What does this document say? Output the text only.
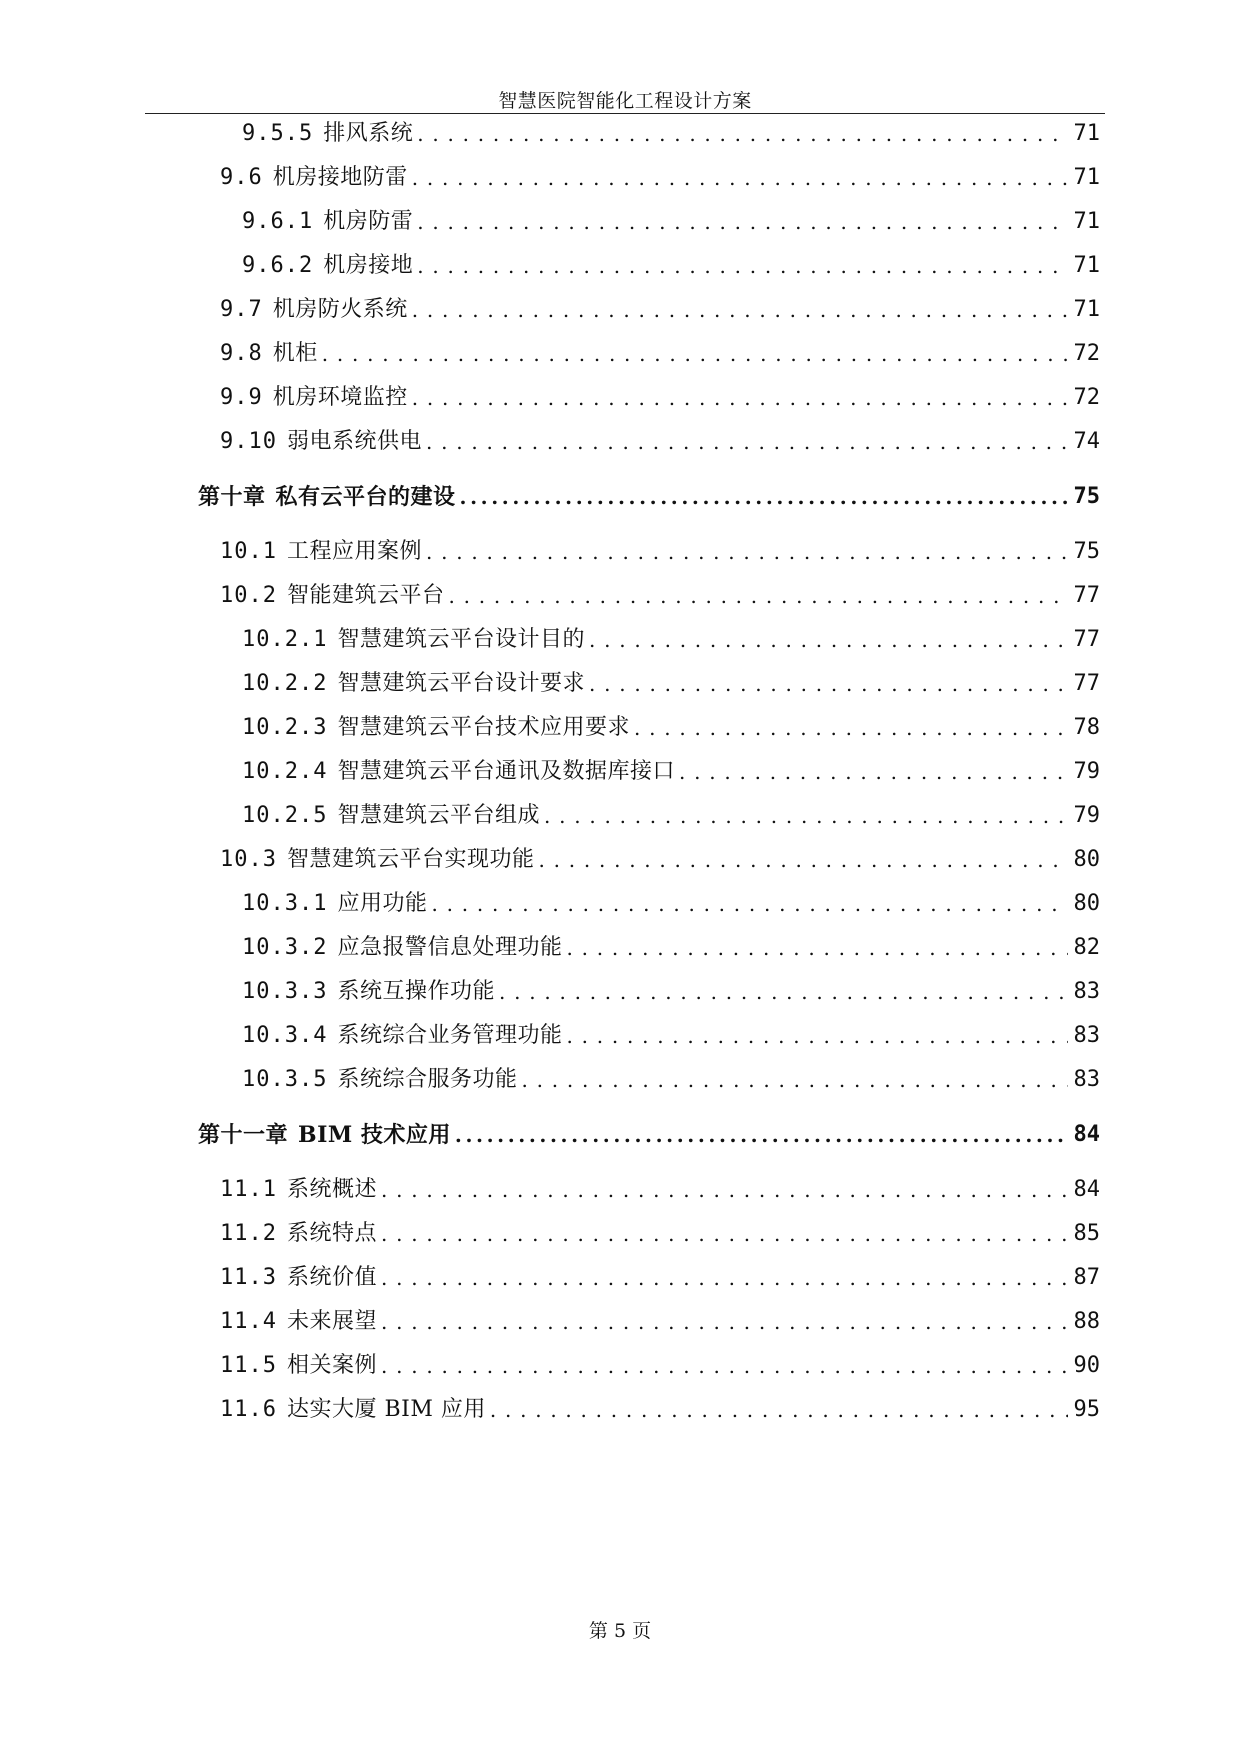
智慧医院智能化工程设计方案
9.5.5 排风系统 . . .	71
9.6 机房接地防雷 . . .	71
9.6.1 机房防雷 . . .	71
9.6.2 机房接地 . . .	71
9.7 机房防火系统 . . .	71
9.8 机柜 . . .	72
9.9 机房环境监控 . . .	72
9.10 弱电系统供电 . . .	74
第十章 私有云平台的建设 .....	75
10.1 工程应用案例 . . .	75
10.2 智能建筑云平台 . . .	77
10.2.1 智慧建筑云平台设计目的 . . .	77
10.2.2 智慧建筑云平台设计要求 . . .	77
10.2.3 智慧建筑云平台技术应用要求 . . .	78
10.2.4 智慧建筑云平台通讯及数据库接口 . . .	79
10.2.5 智慧建筑云平台组成 . . .	79
10.3 智慧建筑云平台实现功能 . . .	80
10.3.1 应用功能 . . .	80
10.3.2 应急报警信息处理功能 . . .	82
10.3.3 系统互操作功能 . . .	83
10.3.4 系统综合业务管理功能 . . .	83
10.3.5 系统综合服务功能 . . .	83
第十一章 BIM 技术应用 .....	84
11.1 系统概述 . . .	84
11.2 系统特点 . . .	85
11.3 系统价值 . . .	87
11.4 未来展望 . . .	88
11.5 相关案例 . . .	90
11.6 达实大厦 BIM 应用 . . .	95
第 5 页
